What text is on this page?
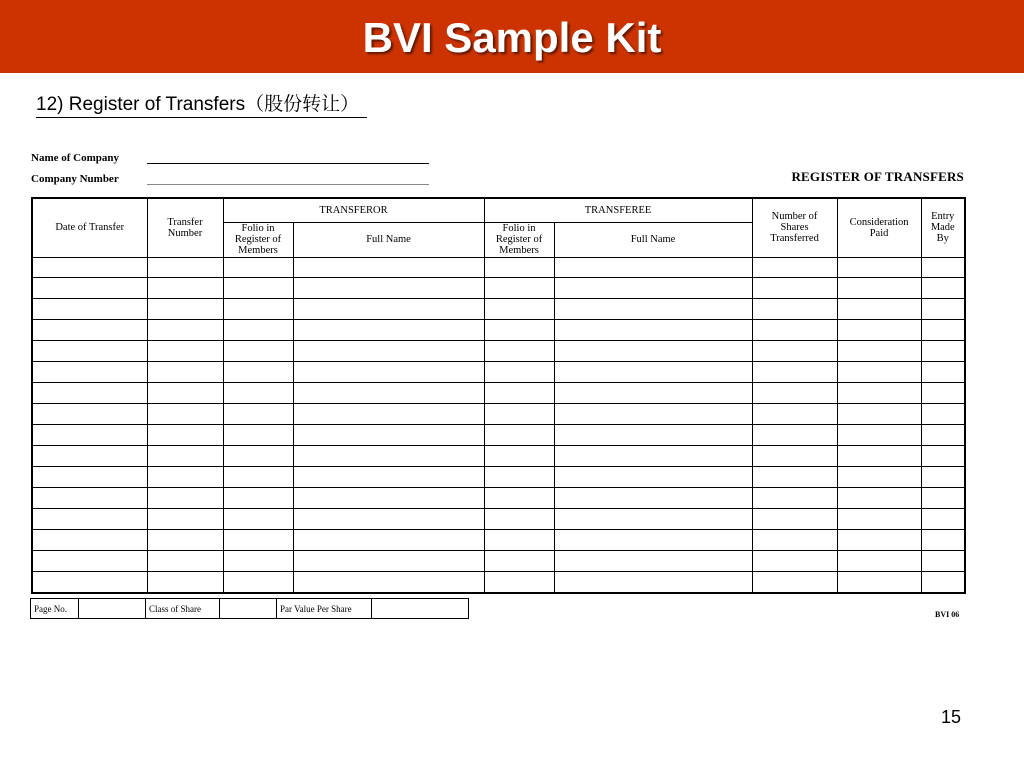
BVI Sample Kit
12) Register of Transfers（股份转让）
Name of Company
Company Number	REGISTER OF TRANSFERS
Date of Transfer	Transfer Number	TRANSFEROR		TRANSFEREE		Number of Shares Transferred	Consideration Paid	Entry Made By
		Folio in Register of Members	Full Name	Folio in Register of Members	Full Name			

Page No.		Class of Share		Par Value Per Share	
BVI 06
15
